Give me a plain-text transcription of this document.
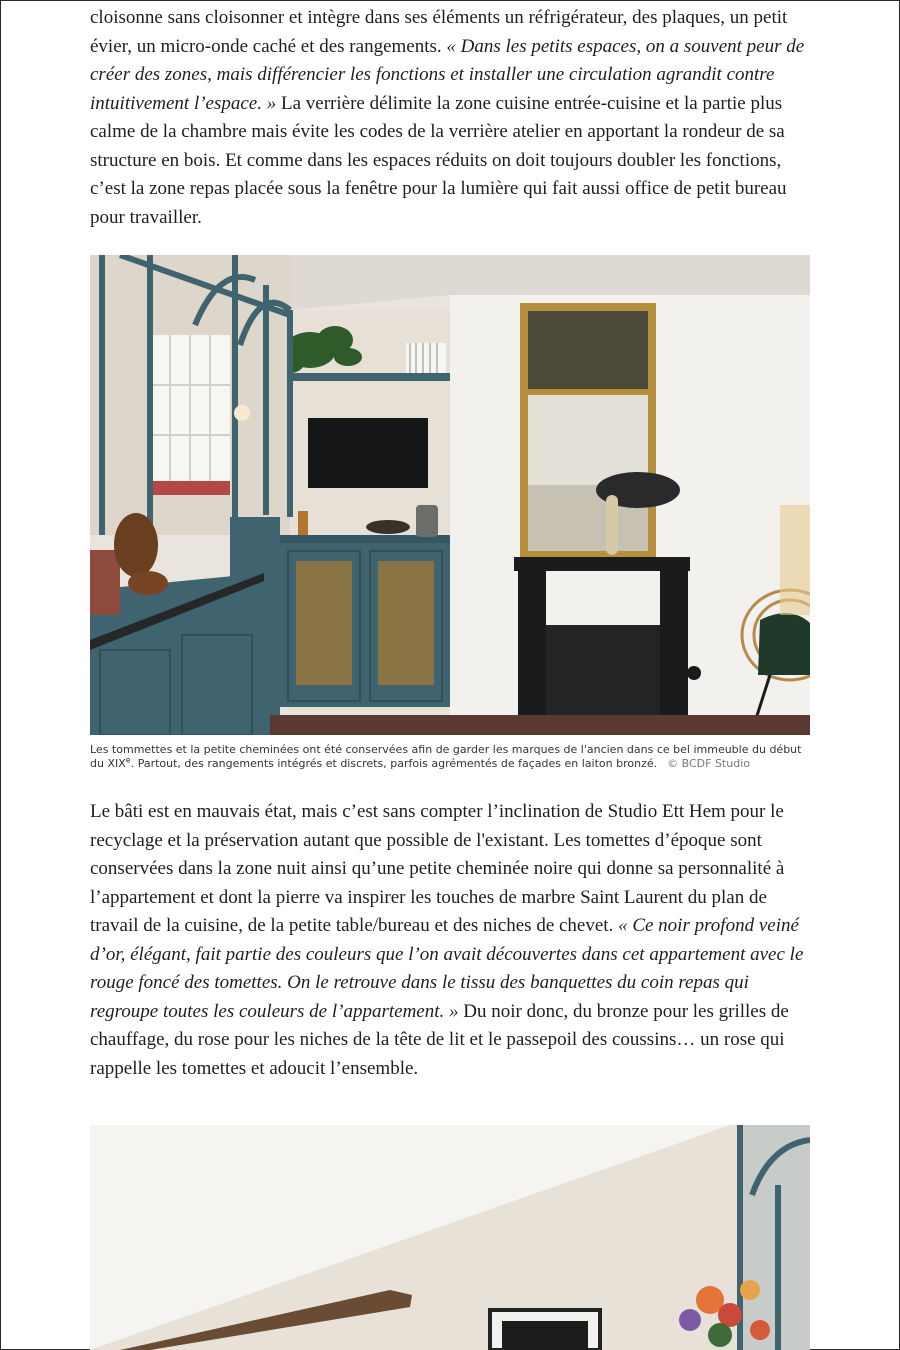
cloisonne sans cloisonner et intègre dans ses éléments un réfrigérateur, des plaques, un petit évier, un micro-onde caché et des rangements. « Dans les petits espaces, on a souvent peur de créer des zones, mais différencier les fonctions et installer une circulation agrandit contre intuitivement l’espace. » La verrière délimite la zone cuisine entrée-cuisine et la partie plus calme de la chambre mais évite les codes de la verrière atelier en apportant la rondeur de sa structure en bois. Et comme dans les espaces réduits on doit toujours doubler les fonctions, c’est la zone repas placée sous la fenêtre pour la lumière qui fait aussi office de petit bureau pour travailler.

Les tommettes et la petite cheminées ont été conservées afin de garder les marques de l'ancien dans ce bel immeuble du début du XIXe. Partout, des rangements intégrés et discrets, parfois agrémentés de façades en laiton bronzé. © BCDF Studio

Le bâti est en mauvais état, mais c’est sans compter l’inclination de Studio Ett Hem pour le recyclage et la préservation autant que possible de l'existant. Les tomettes d’époque sont conservées dans la zone nuit ainsi qu’une petite cheminée noire qui donne sa personnalité à l’appartement et dont la pierre va inspirer les touches de marbre Saint Laurent du plan de travail de la cuisine, de la petite table/bureau et des niches de chevet. « Ce noir profond veiné d’or, élégant, fait partie des couleurs que l’on avait découvertes dans cet appartement avec le rouge foncé des tomettes. On le retrouve dans le tissu des banquettes du coin repas qui regroupe toutes les couleurs de l’appartement. » Du noir donc, du bronze pour les grilles de chauffage, du rose pour les niches de la tête de lit et le passepoil des coussins… un rose qui rappelle les tomettes et adoucit l’ensemble.
